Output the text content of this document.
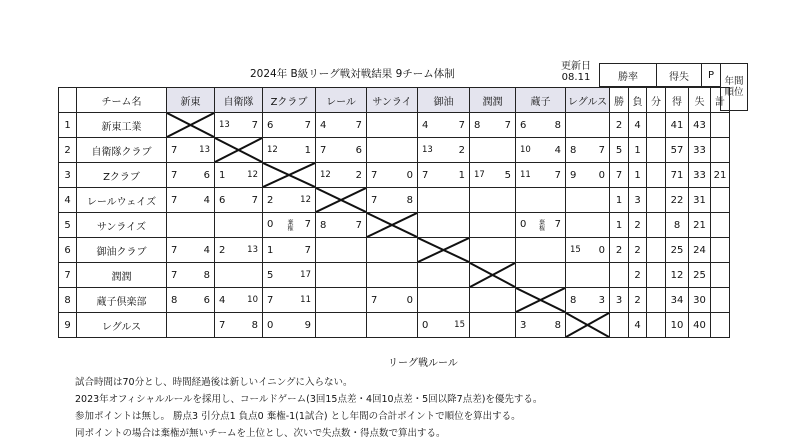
2024年 B級リーグ戦対戦結果 9チーム体制
更新日
08.11	勝率	得失	P
年間順位
	チーム名	新東	自衛隊	Zクラブ	レール	サンライ	御油	潤潤	蔵子	レグルス	勝	負	分	得	失	計
1	新東工業		13 7	6 7	4 7		4 7	8 7	6 8		2	4		41	43	
2	自衛隊クラブ	7 13		12 1	7 6		13 2		10 4	8 7	5	1		57	33	
3	Zクラブ	7 6	1 12		12 2	7 0	7 1	17 5	11 7	9 0	7	1		71	33	21
4	レールウェイズ	7 4	6 7	2 12		7 8					1	3		22	31	
5	サンライズ			0 棄権 7	8 7				0 棄権 7		1	2		8	21	
6	御油クラブ	7 4	2 13	1 7						15 0	2	2		25	24	
7	潤潤	7 8		5 17								2		12	25	
8	蔵子倶楽部	8 6	4 10	7 11		7 0				8 3	3	2		34	30	
9	レグルス		7 8	0 9			0 15		3 8			4		10	40	
リーグ戦ルール
試合時間は70分とし、時間経過後は新しいイニングに入らない。
2023年オフィシャルルールを採用し、コールドゲーム(3回15点差・4回10点差・5回以降7点差)を優先する。
参加ポイントは無し。 勝点3 引分点1 負点0 棄権-1(1試合) とし年間の合計ポイントで順位を算出する。
同ポイントの場合は棄権が無いチームを上位とし、次いで失点数・得点数で算出する。
